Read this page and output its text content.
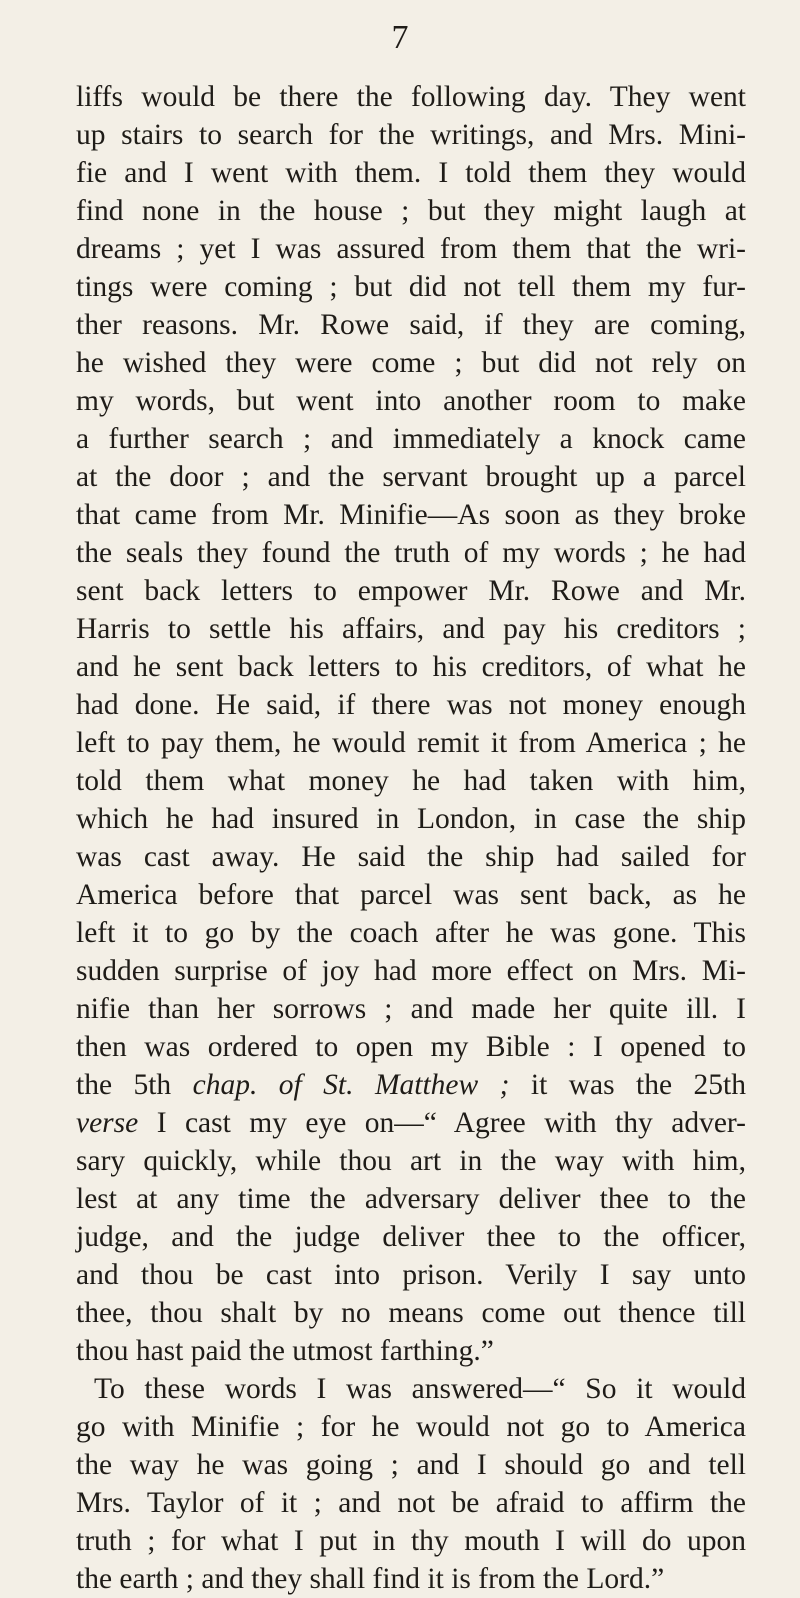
7
liffs would be there the following day. They went
up stairs to search for the writings, and Mrs. Mini-
fie and I went with them. I told them they would
find none in the house ; but they might laugh at
dreams ; yet I was assured from them that the wri-
tings were coming ; but did not tell them my fur-
ther reasons. Mr. Rowe said, if they are coming,
he wished they were come ; but did not rely on
my words, but went into another room to make
a further search ; and immediately a knock came
at the door ; and the servant brought up a parcel
that came from Mr. Minifie—As soon as they broke
the seals they found the truth of my words ; he had
sent back letters to empower Mr. Rowe and Mr.
Harris to settle his affairs, and pay his creditors ;
and he sent back letters to his creditors, of what he
had done. He said, if there was not money enough
left to pay them, he would remit it from America ; he
told them what money he had taken with him,
which he had insured in London, in case the ship
was cast away. He said the ship had sailed for
America before that parcel was sent back, as he
left it to go by the coach after he was gone. This
sudden surprise of joy had more effect on Mrs. Mi-
nifie than her sorrows ; and made her quite ill. I
then was ordered to open my Bible : I opened to
the 5th chap. of St. Matthew ; it was the 25th
verse I cast my eye on—“ Agree with thy adver-
sary quickly, while thou art in the way with him,
lest at any time the adversary deliver thee to the
judge, and the judge deliver thee to the officer,
and thou be cast into prison. Verily I say unto
thee, thou shalt by no means come out thence till
thou hast paid the utmost farthing.”
To these words I was answered—“ So it would
go with Minifie ; for he would not go to America
the way he was going ; and I should go and tell
Mrs. Taylor of it ; and not be afraid to affirm the
truth ; for what I put in thy mouth I will do upon
the earth ; and they shall find it is from the Lord.”
